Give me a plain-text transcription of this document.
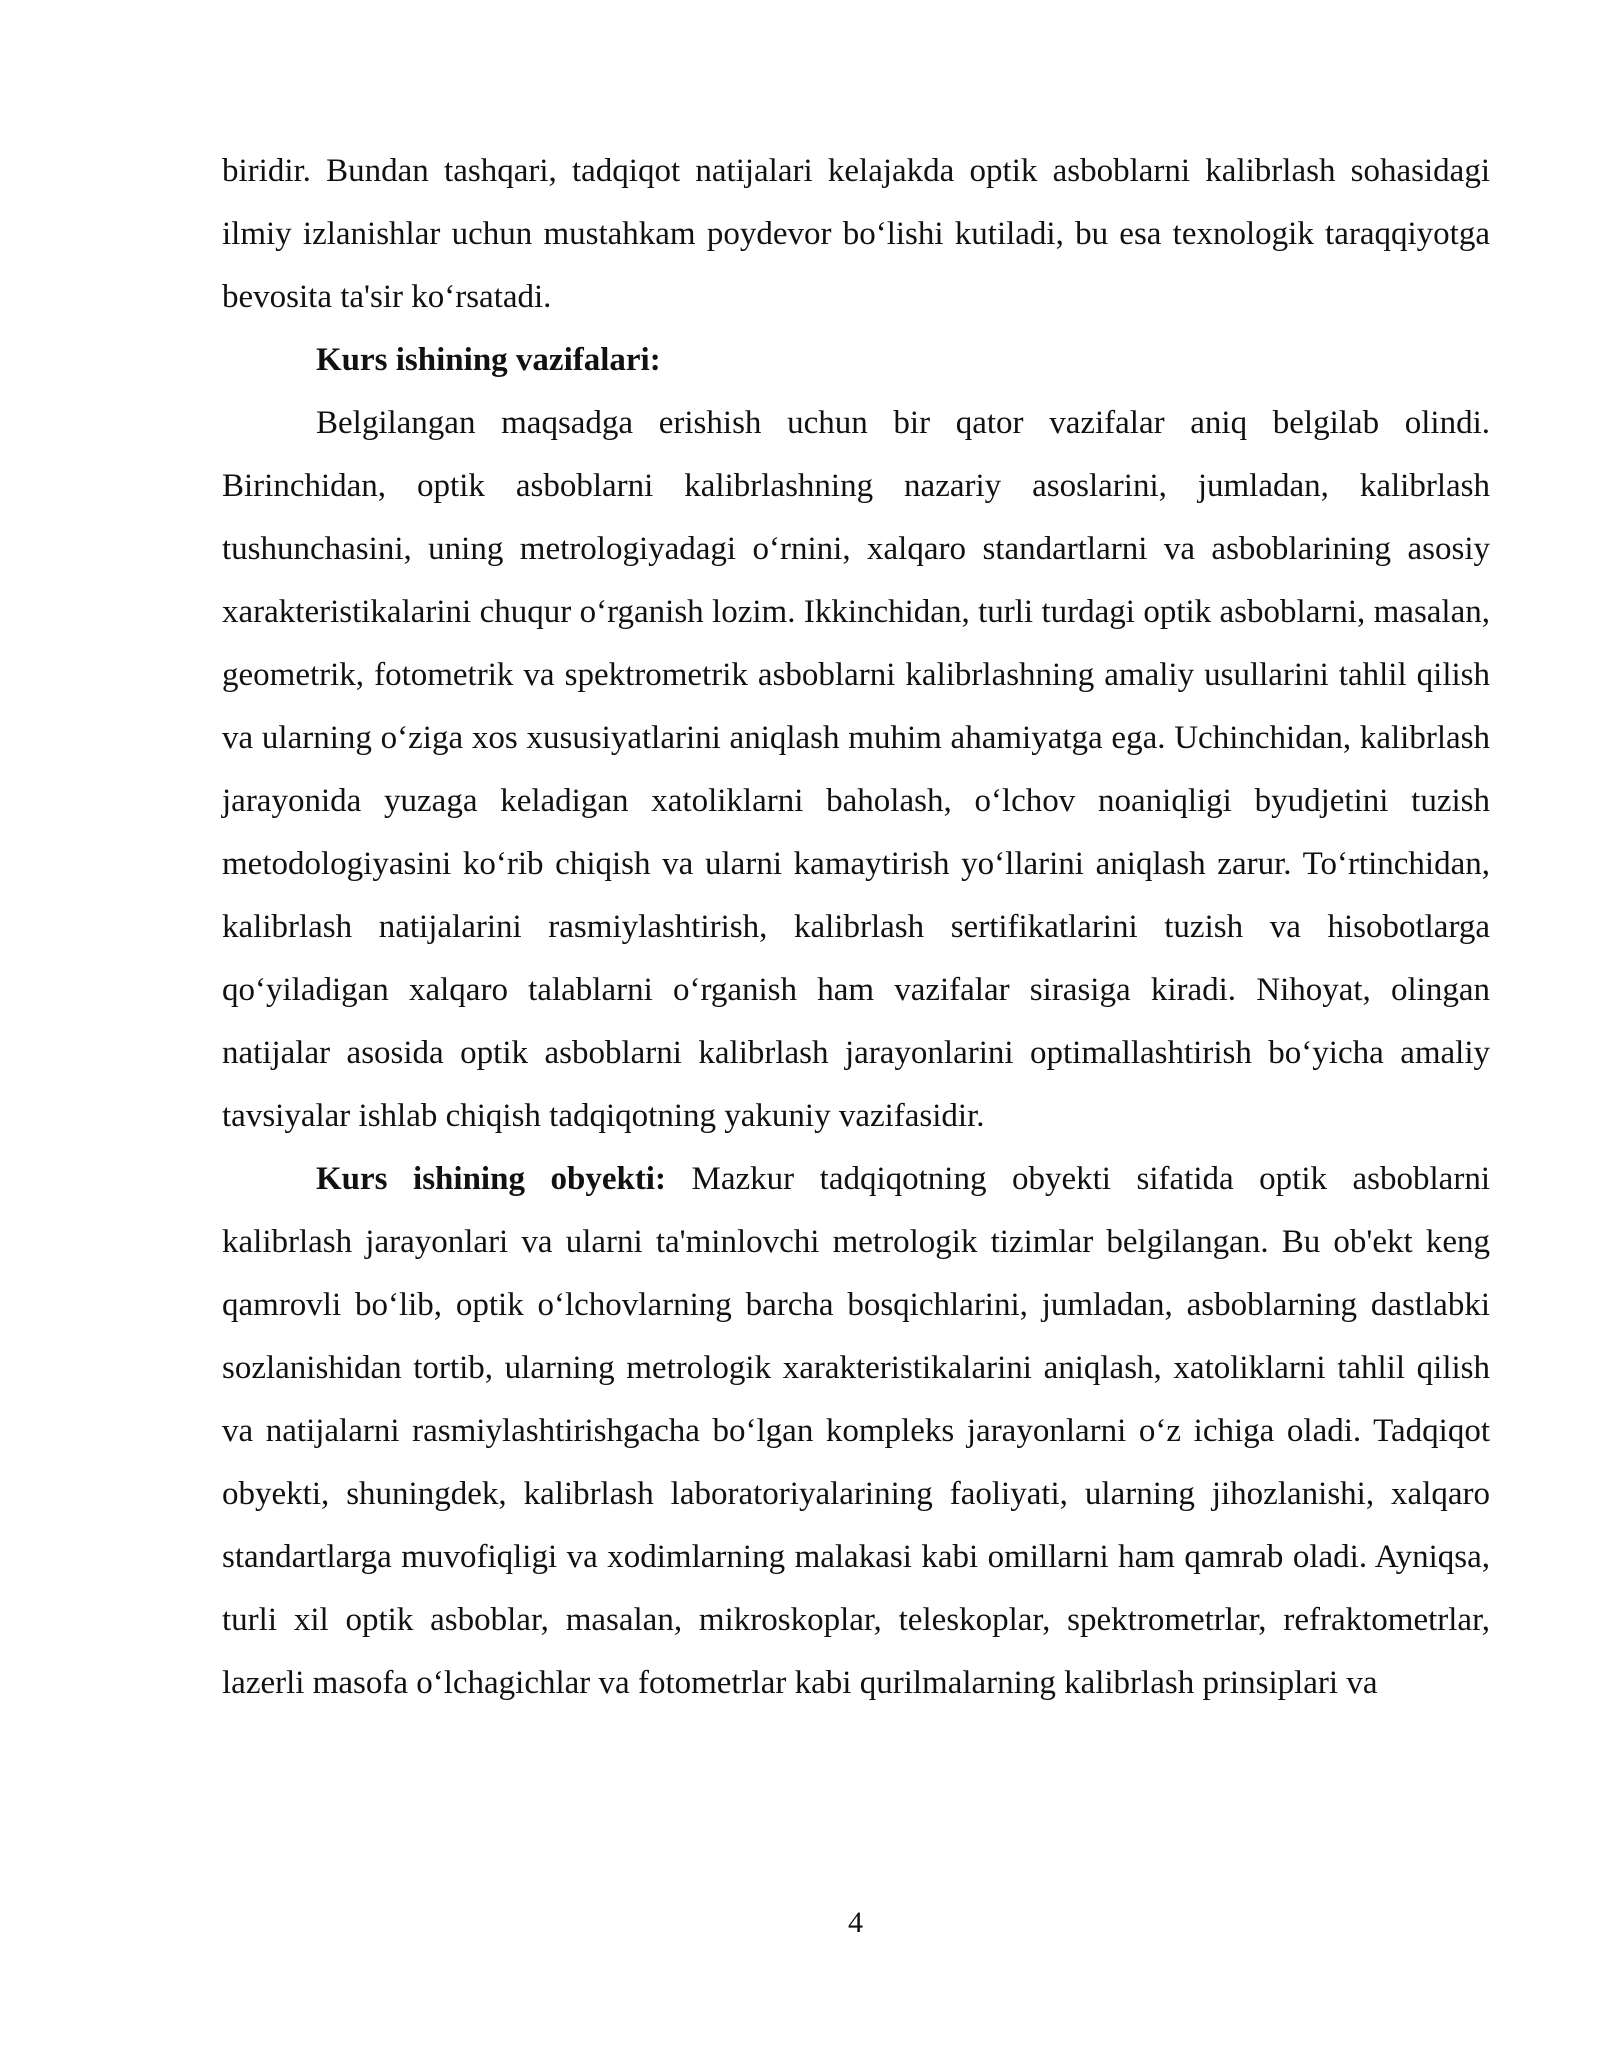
biridir. Bundan tashqari, tadqiqot natijalari kelajakda optik asboblarni kalibrlash sohasidagi ilmiy izlanishlar uchun mustahkam poydevor bo‘lishi kutiladi, bu esa texnologik taraqqiyotga bevosita ta'sir ko‘rsatadi.

Kurs ishining vazifalari:

Belgilangan maqsadga erishish uchun bir qator vazifalar aniq belgilab olindi. Birinchidan, optik asboblarni kalibrlashning nazariy asoslarini, jumladan, kalibrlash tushunchasini, uning metrologiyadagi o‘rnini, xalqaro standartlarni va asboblarining asosiy xarakteristikalarini chuqur o‘rganish lozim. Ikkinchidan, turli turdagi optik asboblarni, masalan, geometrik, fotometrik va spektrometrik asboblarni kalibrlashning amaliy usullarini tahlil qilish va ularning o‘ziga xos xususiyatlarini aniqlash muhim ahamiyatga ega. Uchinchidan, kalibrlash jarayonida yuzaga keladigan xatoliklarni baholash, o‘lchov noaniqligi byudjetini tuzish metodologiyasini ko‘rib chiqish va ularni kamaytirish yo‘llarini aniqlash zarur. To‘rtinchidan, kalibrlash natijalarini rasmiylashtirish, kalibrlash sertifikatlarini tuzish va hisobotlarga qo‘yiladigan xalqaro talablarni o‘rganish ham vazifalar sirasiga kiradi. Nihoyat, olingan natijalar asosida optik asboblarni kalibrlash jarayonlarini optimallashtirish bo‘yicha amaliy tavsiyalar ishlab chiqish tadqiqotning yakuniy vazifasidir.

Kurs ishining obyekti: Mazkur tadqiqotning obyekti sifatida optik asboblarni kalibrlash jarayonlari va ularni ta'minlovchi metrologik tizimlar belgilangan. Bu ob'ekt keng qamrovli bo‘lib, optik o‘lchovlarning barcha bosqichlarini, jumladan, asboblarning dastlabki sozlanishidan tortib, ularning metrologik xarakteristikalarini aniqlash, xatoliklarni tahlil qilish va natijalarni rasmiylashtirishgacha bo‘lgan kompleks jarayonlarni o‘z ichiga oladi. Tadqiqot obyekti, shuningdek, kalibrlash laboratoriyalarining faoliyati, ularning jihozlanishi, xalqaro standartlarga muvofiqligi va xodimlarning malakasi kabi omillarni ham qamrab oladi. Ayniqsa, turli xil optik asboblar, masalan, mikroskoplar, teleskoplar, spektrometrlar, refraktometrlar, lazerli masofa o‘lchagichlar va fotometrlar kabi qurilmalarning kalibrlash prinsiplari va

4
